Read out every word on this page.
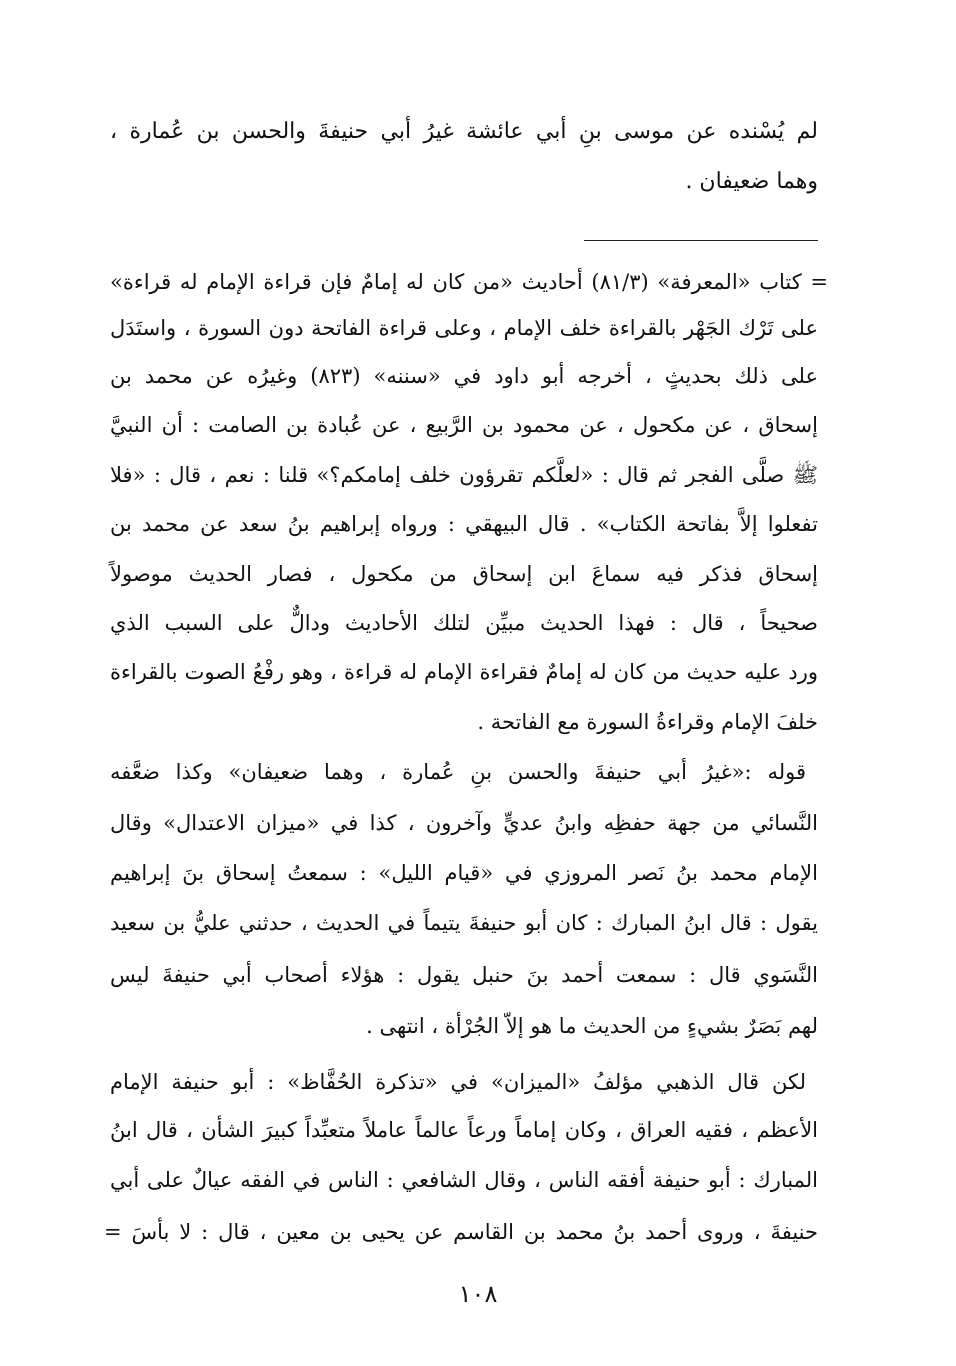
لم يُسْنده عن موسى بنِ أبي عائشة غيرُ أبي حنيفةَ والحسن بن عُمارة ،
وهما ضعيفان .
= كتاب «المعرفة» (٨١/٣) أحاديث «من كان له إمامٌ فإن قراءة الإمام له قراءة»
على تَرْك الجَهْر بالقراءة خلف الإمام ، وعلى قراءة الفاتحة دون السورة ، واستَدَل
على ذلك بحديثٍ ، أخرجه أبو داود في «سننه» (٨٢٣) وغيرُه عن محمد بن
إسحاق ، عن مكحول ، عن محمود بن الرَّبيع ، عن عُبادة بن الصامت : أن النبيَّ
ﷺ صلَّى الفجر ثم قال : «لعلَّكم تقرؤون خلف إمامكم؟» قلنا : نعم ، قال : «فلا
تفعلوا إلاَّ بفاتحة الكتاب» . قال البيهقي : ورواه إبراهيم بنُ سعد عن محمد بن
إسحاق فذكر فيه سماعَ ابن إسحاق من مكحول ، فصار الحديث موصولاً
صحيحاً ، قال : فهذا الحديث مبيِّن لتلك الأحاديث ودالٌّ على السبب الذي
ورد عليه حديث من كان له إمامٌ فقراءة الإمام له قراءة ، وهو رفْعُ الصوت بالقراءة
خلفَ الإمام وقراءةُ السورة مع الفاتحة .
قوله :«غيرُ أبي حنيفةَ والحسن بنِ عُمارة ، وهما ضعيفان» وكذا ضعَّفه
النَّسائي من جهة حفظِه وابنُ عديٍّ وآخرون ، كذا في «ميزان الاعتدال» وقال
الإمام محمد بنُ نَصر المروزي في «قيام الليل» : سمعتُ إسحاق بنَ إبراهيم
يقول : قال ابنُ المبارك : كان أبو حنيفةَ يتيماً في الحديث ، حدثني عليُّ بن سعيد
النَّسَوي قال : سمعت أحمد بنَ حنبل يقول : هؤلاء أصحاب أبي حنيفةَ ليس
لهم بَصَرٌ بشيءٍ من الحديث ما هو إلاّ الجُرْأة ، انتهى .
لكن قال الذهبي مؤلفُ «الميزان» في «تذكرة الحُفَّاظ» : أبو حنيفة الإمام
الأعظم ، فقيه العراق ، وكان إماماً ورعاً عالماً عاملاً متعبِّداً كبيرَ الشأن ، قال ابنُ
المبارك : أبو حنيفة أفقه الناس ، وقال الشافعي : الناس في الفقه عيالٌ على أبي
حنيفةَ ، وروى أحمد بنُ محمد بن القاسم عن يحيى بن معين ، قال : لا بأسَ =
١٠٨
